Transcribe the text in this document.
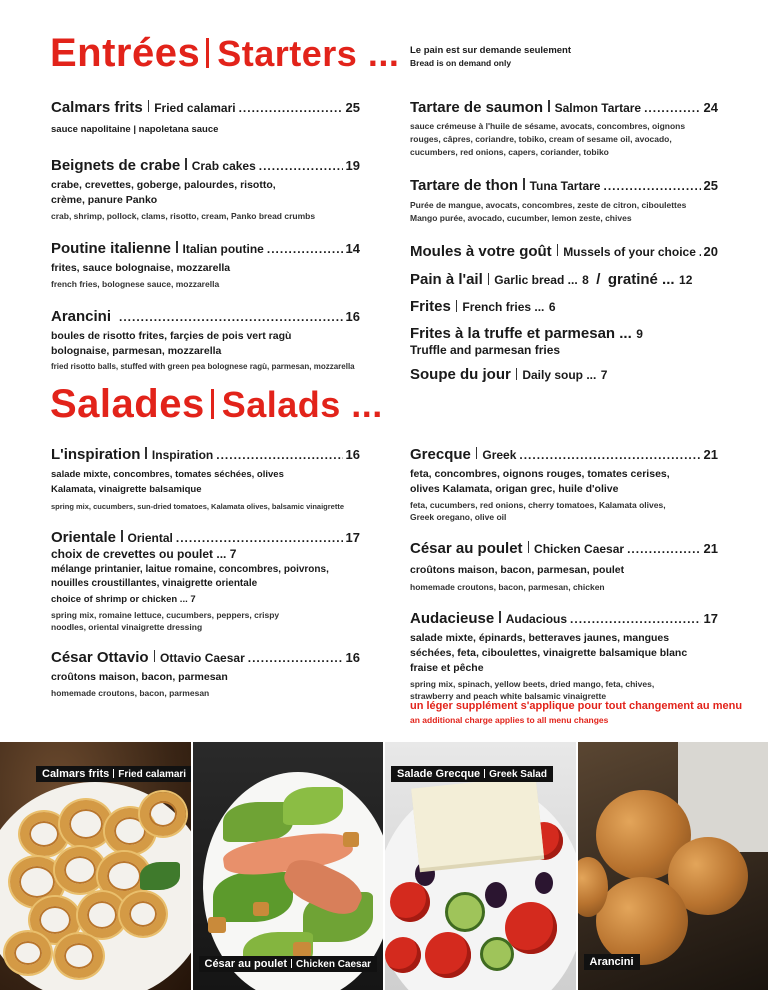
Entrées Starters ... Le pain est sur demande seulement
Bread is on demand only
Calmars frits Fried calamari .....	25
sauce napolitaine | napoletana sauce
Beignets de crabe Crab cakes .....	19
crabe, crevettes, goberge, palourdes, risotto, crème, panure Panko
crab, shrimp, pollock, clams, risotto, cream, Panko bread crumbs
Poutine italienne Italian poutine .....	14
frites, sauce bolognaise, mozzarella
french fries, bolognese sauce, mozzarella
Arancini .....	16
boules de risotto frites, farçies de pois vert ragù bolognaise, parmesan, mozzarella
fried risotto balls, stuffed with green pea bolognese ragù, parmesan, mozzarella
Tartare de saumon Salmon Tartare .....	24
sauce crémeuse à l'huile de sésame, avocats, concombres, oignons rouges, câpres, coriandre, tobiko, cream of sesame oil, avocado, cucumbers, red onions, capers, coriander, tobiko
Tartare de thon Tuna Tartare .....	25
Purée de mangue, avocats, concombres, zeste de citron, ciboulettes
Mango purée, avocado, cucumber, lemon zeste, chives
Moules à votre goût Mussels of your choice ..... 20
Pain à l'ail Garlic bread ... 8 / gratiné ... 12
Frites French fries ... 6
Frites à la truffe et parmesan ... 9
Truffle and parmesan fries
Soupe du jour Daily soup ... 7
Salades Salads ...
L'inspiration Inspiration .....	16
salade mixte, concombres, tomates séchées, olives Kalamata, vinaigrette balsamique
spring mix, cucumbers, sun-dried tomatoes, Kalamata olives, balsamic vinaigrette
Orientale Oriental .....	17
choix de crevettes ou poulet ... 7
mélange printanier, laitue romaine, concombres, poivrons, nouilles croustillantes, vinaigrette orientale
choice of shrimp or chicken ... 7
spring mix, romaine lettuce, cucumbers, peppers, crispy noodles, oriental vinaigrette dressing
César Ottavio Ottavio Caesar .....	16
croûtons maison, bacon, parmesan
homemade croutons, bacon, parmesan
Grecque Greek .....	21
feta, concombres, oignons rouges, tomates cerises, olives Kalamata, origan grec, huile d'olive
feta, cucumbers, red onions, cherry tomatoes, Kalamata olives, Greek oregano, olive oil
César au poulet Chicken Caesar .....	21
croûtons maison, bacon, parmesan, poulet
homemade croutons, bacon, parmesan, chicken
Audacieuse Audacious .....	17
salade mixte, épinards, betteraves jaunes, mangues séchées, feta, ciboulettes, vinaigrette balsamique blanc fraise et pêche
spring mix, spinach, yellow beets, dried mango, feta, chives, strawberry and peach white balsamic vinaigrette
un léger supplément s'applique pour tout changement au menu
an additional charge applies to all menu changes
Calmars frits Fried calamari
César au poulet Chicken Caesar
Salade Grecque Greek Salad
Arancini
